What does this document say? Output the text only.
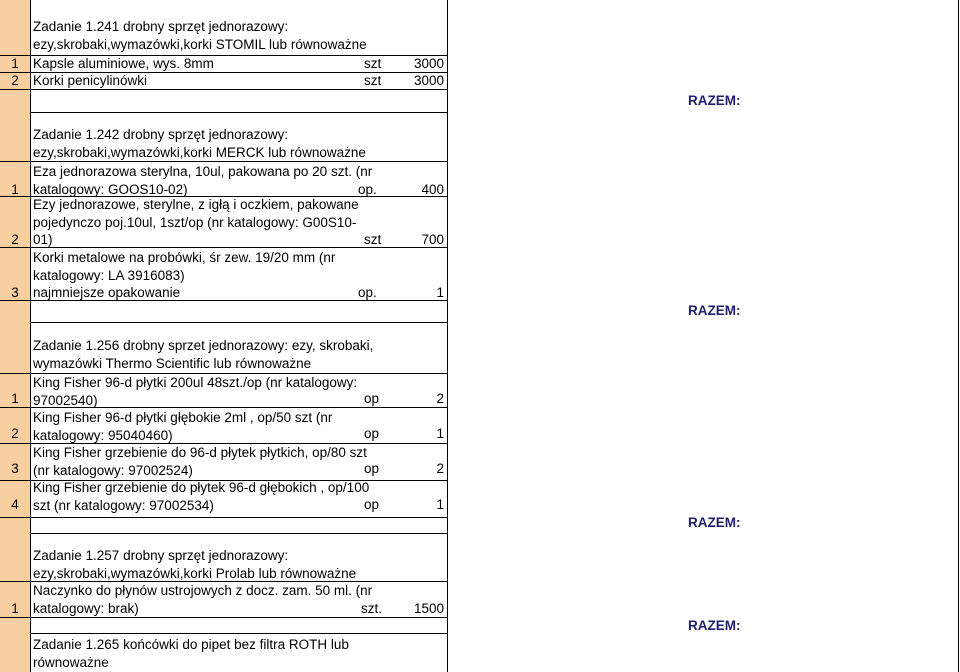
Zadanie 1.241 drobny sprzęt jednorazowy:
ezy,skrobaki,wymazówki,korki STOMIL lub równoważne
1	Kapsle aluminiowe, wys. 8mm	szt	3000
2	Korki penicylinówki	szt	3000
RAZEM:
Zadanie 1.242 drobny sprzęt jednorazowy:
ezy,skrobaki,wymazówki,korki MERCK lub równoważne
1
Eza jednorazowa sterylna, 10ul, pakowana po 20 szt. (nr
katalogowy: GOOS10-02)	op.	400
2
Ezy jednorazowe, sterylne, z igłą i oczkiem, pakowane
pojedynczo poj.10ul, 1szt/op (nr katalogowy: G00S10-
01)	szt	700
3
Korki metalowe na probówki, śr zew. 19/20 mm (nr
katalogowy: LA 3916083)
najmniejsze opakowanie	op.	1
RAZEM:
Zadanie 1.256 drobny sprzet jednorazowy: ezy, skrobaki,
wymazówki Thermo Scientific lub równoważne
1
King Fisher 96-d płytki 200ul 48szt./op (nr katalogowy:
97002540)	op	2
2
King Fisher 96-d płytki głębokie 2ml , op/50 szt (nr
katalogowy: 95040460)	op	1
3
King Fisher grzebienie do 96-d płytek płytkich, op/80 szt
(nr katalogowy: 97002524)	op	2
4
King Fisher grzebienie do płytek 96-d głębokich , op/100
szt (nr katalogowy: 97002534)	op	1
RAZEM:
Zadanie 1.257 drobny sprzęt jednorazowy:
ezy,skrobaki,wymazówki,korki Prolab lub równoważne
1
Naczynko do płynów ustrojowych z docz. zam. 50 ml. (nr
katalogowy: brak)	szt.	1500
RAZEM:
Zadanie 1.265 końcówki do pipet bez filtra ROTH lub
równoważne
